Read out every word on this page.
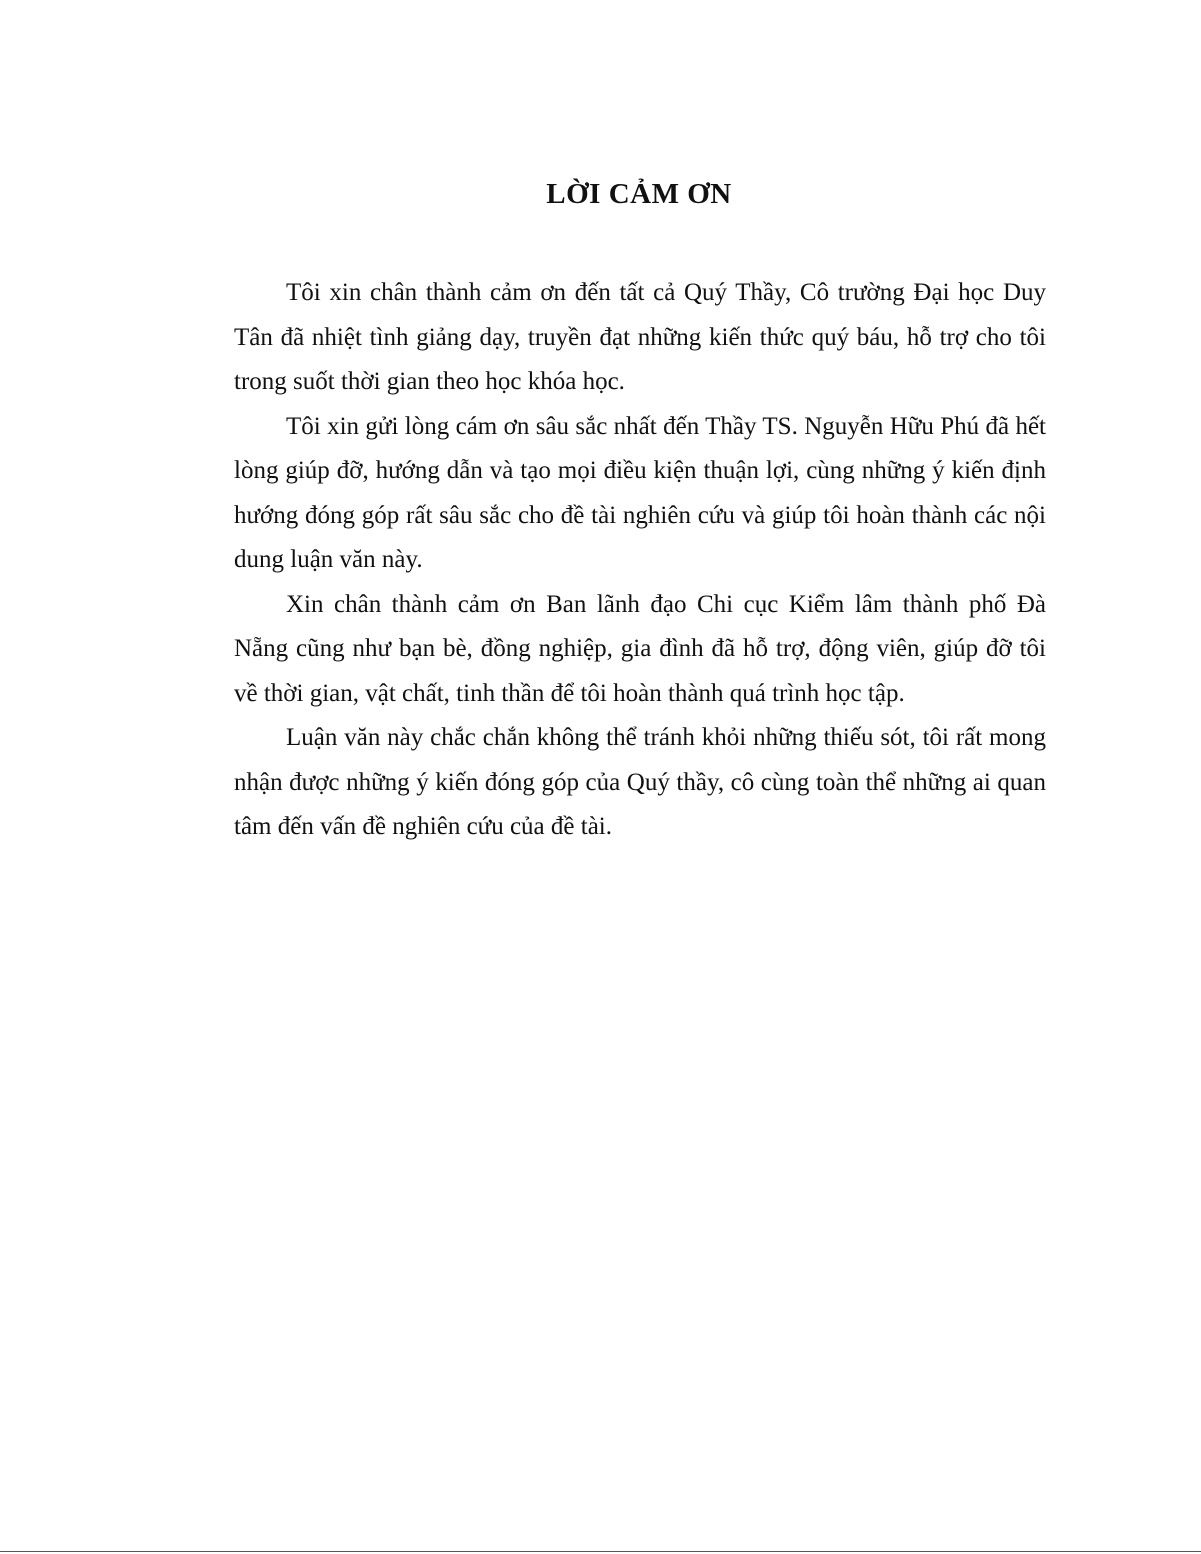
LỜI CẢM ƠN

Tôi xin chân thành cảm ơn đến tất cả Quý Thầy, Cô trường Đại học Duy Tân đã nhiệt tình giảng dạy, truyền đạt những kiến thức quý báu, hỗ trợ cho tôi trong suốt thời gian theo học khóa học.

Tôi xin gửi lòng cám ơn sâu sắc nhất đến Thầy TS. Nguyễn Hữu Phú đã hết lòng giúp đỡ, hướng dẫn và tạo mọi điều kiện thuận lợi, cùng những ý kiến định hướng đóng góp rất sâu sắc cho đề tài nghiên cứu và giúp tôi hoàn thành các nội dung luận văn này.

Xin chân thành cảm ơn Ban lãnh đạo Chi cục Kiểm lâm thành phố Đà Nẵng cũng như bạn bè, đồng nghiệp, gia đình đã hỗ trợ, động viên, giúp đỡ tôi về thời gian, vật chất, tinh thần để tôi hoàn thành quá trình học tập.

Luận văn này chắc chắn không thể tránh khỏi những thiếu sót, tôi rất mong nhận được những ý kiến đóng góp của Quý thầy, cô cùng toàn thể những ai quan tâm đến vấn đề nghiên cứu của đề tài.
